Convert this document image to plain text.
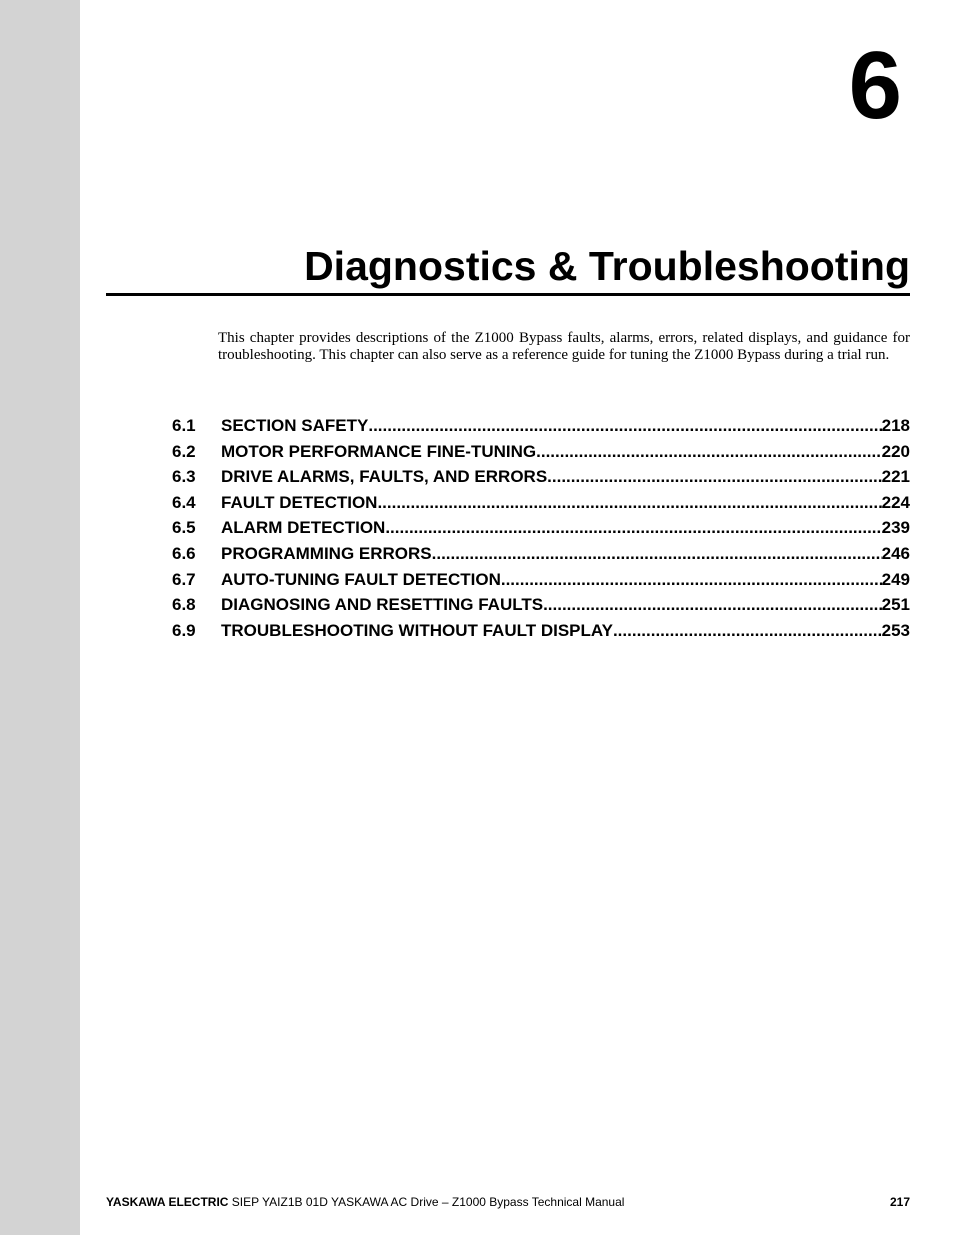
6
Diagnostics & Troubleshooting
This chapter provides descriptions of the Z1000 Bypass faults, alarms, errors, related displays, and guidance for troubleshooting. This chapter can also serve as a reference guide for tuning the Z1000 Bypass during a trial run.
6.1	SECTION SAFETY .....	218
6.2	MOTOR PERFORMANCE FINE-TUNING .....	220
6.3	DRIVE ALARMS, FAULTS, AND ERRORS .....	221
6.4	FAULT DETECTION .....	224
6.5	ALARM DETECTION .....	239
6.6	PROGRAMMING ERRORS .....	246
6.7	AUTO-TUNING FAULT DETECTION .....	249
6.8	DIAGNOSING AND RESETTING FAULTS .....	251
6.9	TROUBLESHOOTING WITHOUT FAULT DISPLAY .....	253
YASKAWA ELECTRIC SIEP YAIZ1B 01D YASKAWA AC Drive – Z1000 Bypass Technical Manual	217
